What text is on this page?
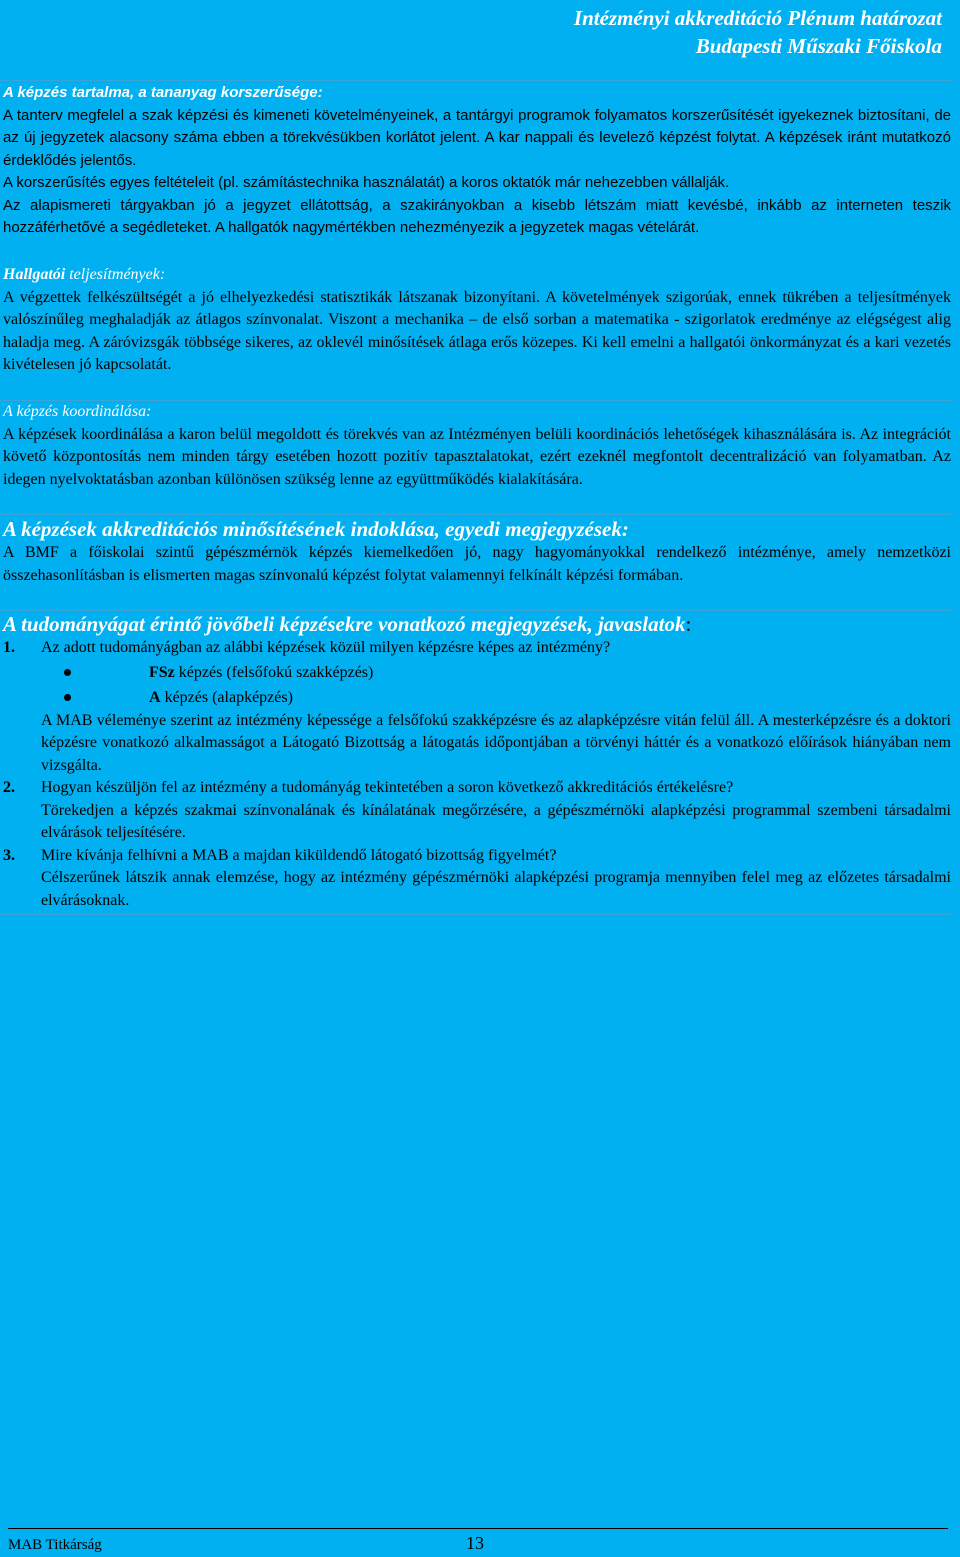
Intézményi akkreditáció Plénum határozat
Budapesti Műszaki Főiskola
A képzés tartalma, a tananyag korszerűsége:

A tanterv megfelel a szak képzési és kimeneti követelményeinek, a tantárgyi programok folyamatos korszerűsítését igyekeznek biztosítani, de az új jegyzetek alacsony száma ebben a törekvésükben korlátot jelent. A kar nappali és levelező képzést folytat. A képzések iránt mutatkozó érdeklődés jelentős.

A korszerűsítés egyes feltételeit (pl. számítástechnika használatát) a koros oktatók már nehezebben vállalják.

Az alapismereti tárgyakban jó a jegyzet ellátottság, a szakirányokban a kisebb létszám miatt kevésbé, inkább az interneten teszik hozzáférhetővé a segédleteket. A hallgatók nagymértékben nehezményezik a jegyzetek magas vételárát.

Hallgatói teljesítmények:

A végzettek felkészültségét a jó elhelyezkedési statisztikák látszanak bizonyítani. A követelmények szigorúak, ennek tükrében a teljesítmények valószínűleg meghaladják az átlagos színvonalat. Viszont a mechanika – de első sorban a matematika - szigorlatok eredménye az elégségest alig haladja meg. A záróvizsgák többsége sikeres, az oklevél minősítések átlaga erős közepes. Ki kell emelni a hallgatói önkormányzat és a kari vezetés kivételesen jó kapcsolatát.

A képzés koordinálása:

A képzések koordinálása a karon belül megoldott és törekvés van az Intézményen belüli koordinációs lehetőségek kihasználására is. Az integrációt követő központosítás nem minden tárgy esetében hozott pozitív tapasztalatokat, ezért ezeknél megfontolt decentralizáció van folyamatban. Az idegen nyelvoktatásban azonban különösen szükség lenne az együttműködés kialakítására.

A képzések akkreditációs minősítésének indoklása, egyedi megjegyzések:

A BMF a főiskolai szintű gépészmérnök képzés kiemelkedően jó, nagy hagyományokkal rendelkező intézménye, amely nemzetközi összehasonlításban is elismerten magas színvonalú képzést folytat valamennyi felkínált képzési formában.

A tudományágat érintő jövőbeli képzésekre vonatkozó megjegyzések, javaslatok:
1. Az adott tudományágban az alábbi képzések közül milyen képzésre képes az intézmény?

FSz képzés (felsőfokú szakképzés)
A képzés (alapképzés)

A MAB véleménye szerint az intézmény képessége a felsőfokú szakképzésre és az alapképzésre vitán felül áll. A mesterképzésre és a doktori képzésre vonatkozó alkalmasságot a Látogató Bizottság a látogatás időpontjában a törvényi háttér és a vonatkozó előírások hiányában nem vizsgálta.

2. Hogyan készüljön fel az intézmény a tudományág tekintetében a soron következő akkreditációs értékelésre?

Törekedjen a képzés szakmai színvonalának és kínálatának megőrzésére, a gépészmérnöki alapképzési programmal szembeni társadalmi elvárások teljesítésére.

3. Mire kívánja felhívni a MAB a majdan kiküldendő látogató bizottság figyelmét?

Célszerűnek látszik annak elemzése, hogy az intézmény gépészmérnöki alapképzési programja mennyiben felel meg az előzetes társadalmi elvárásoknak.

MAB Titkárság	13
